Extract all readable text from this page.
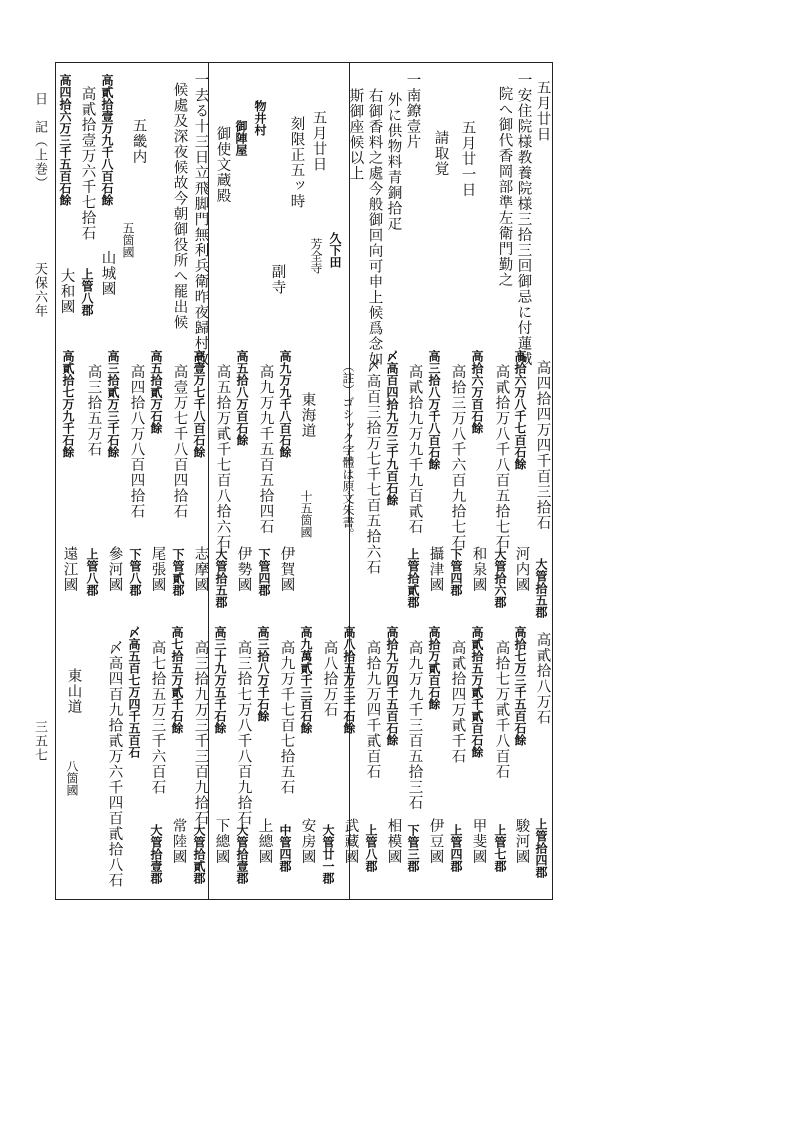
日　記（上巻）
天保六年
三五七
五月廿日
一安住院様教養院様三拾三回御忌に付蓮城
院へ御代香岡部準左衛門勤之
五月廿一日
請取覚
一南鐐壹片
外に供物料青銅拾疋
右御香料之處今般御回向可申上候爲念如
斯御座候以上
五月廿日
刻限正五ッ時
久下田
芳全寺
副寺
物井村
御陣屋
御使文蔵殿
一去る十三日立飛脚門無利兵衛昨夜歸村致
候處及深夜候故今朝御役所へ罷出候
五畿内
五箇國
高貳拾壹万九千八百石餘
高貳拾壹万六千七拾石
山城國
上管八郡
高四拾六万三千五百石餘
大和國
高四拾四万四千百三拾石
大管拾五郡
高拾六万八千七百石餘
高貳拾万八千八百五拾七石
河内國
大管拾六郡
高拾六万百石餘
高拾三万八千六百九拾七石
和泉國
下管四郡
高三拾八万千八百石餘
高貳拾九万九千九百貳石
攝津國
上管拾貳郡
〆高百四拾九万三千九百石餘
〆高百三拾万七千七百五拾六石
（註）ゴシック字體は原文朱書。
東海道
十五箇國
高九万九千八百石餘
高九万九千五百五拾四石
伊賀國
下管四郡
高五拾八万百石餘
高五拾万貳千七百八拾六石
伊勢國
大管拾五郡
高壹万七千八百石餘
高壹万七千八百四拾石
志摩國
下管貳郡
高五拾貳万石餘
高四拾八万八百四拾石
尾張國
下管八郡
高三拾貳万三千石餘
高三拾五万石
參河國
上管八郡
高貳拾七万九千石餘
遠江國
高貳拾八万石
上管拾四郡
高拾七万三千五百石餘
高拾七万貳千八百石
駿河國
上管七郡
高貳拾五万貳千貳百石餘
高貳拾四万貳千石
甲斐國
上管四郡
高拾万貳百石餘
高九万九千三百五拾三石
伊豆國
下管三郡
高拾九万四千五百石餘
高拾九万四千貳百石
相模國
上管八郡
高八拾五万三千石餘
高八拾万石
武藏國
大管廿一郡
高九萬貳千三百石餘
高九万千七百七拾五石
安房國
中管四郡
高三拾八万千石餘
高三拾七万八千八百九拾石
上總國
大管拾壹郡
高三十九万五千石餘
高三拾九万三千三百九拾石
下總國
大管拾貳郡
高七拾五万貳千石餘
高七拾五万三千六百石
常陸國
大管拾壹郡
〆高五百七万四千五百石
〆高四百九拾貳万六千四百貳拾八石
東山道
八箇國
